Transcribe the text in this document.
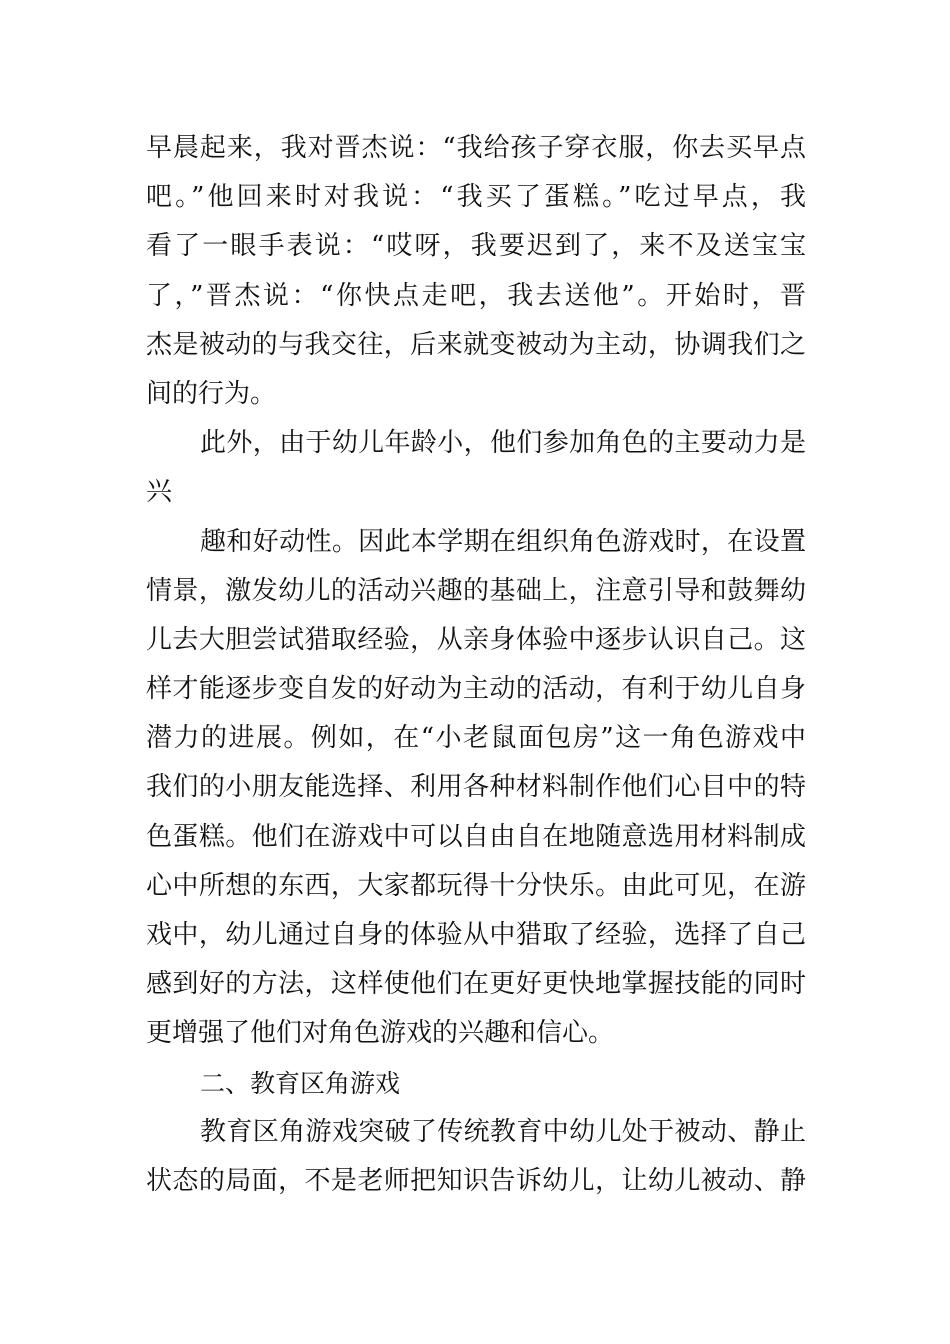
早晨起来，我对晋杰说：“我给孩子穿衣服，你去买早点
吧。”他回来时对我说：“我买了蛋糕。”吃过早点，我
看了一眼手表说：“哎呀，我要迟到了，来不及送宝宝
了，”晋杰说：“你快点走吧，我去送他”。开始时，晋
杰是被动的与我交往，后来就变被动为主动，协调我们之
间的行为。
此外，由于幼儿年龄小，他们参加角色的主要动力是
兴
趣和好动性。因此本学期在组织角色游戏时，在设置
情景，激发幼儿的活动兴趣的基础上，注意引导和鼓舞幼
儿去大胆尝试猎取经验，从亲身体验中逐步认识自己。这
样才能逐步变自发的好动为主动的活动，有利于幼儿自身
潜力的进展。例如，在“小老鼠面包房”这一角色游戏中
我们的小朋友能选择、利用各种材料制作他们心目中的特
色蛋糕。他们在游戏中可以自由自在地随意选用材料制成
心中所想的东西，大家都玩得十分快乐。由此可见，在游
戏中，幼儿通过自身的体验从中猎取了经验，选择了自己
感到好的方法，这样使他们在更好更快地掌握技能的同时
更增强了他们对角色游戏的兴趣和信心。
二、教育区角游戏
教育区角游戏突破了传统教育中幼儿处于被动、静止
状态的局面，不是老师把知识告诉幼儿，让幼儿被动、静
